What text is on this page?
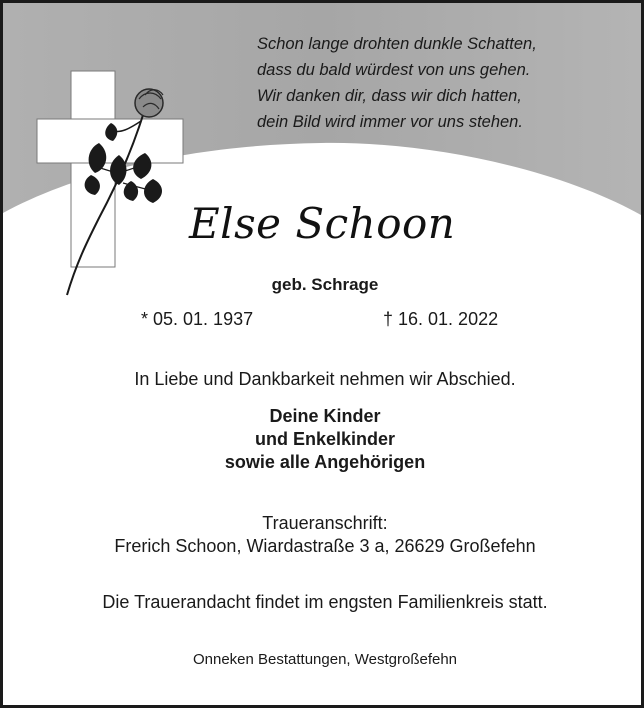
Schon lange drohten dunkle Schatten,
dass du bald würdest von uns gehen.
Wir danken dir, dass wir dich hatten,
dein Bild wird immer vor uns stehen.
Else Schoon
geb. Schrage
* 05. 01. 1937	† 16. 01. 2022
In Liebe und Dankbarkeit nehmen wir Abschied.
Deine Kinder
und Enkelkinder
sowie alle Angehörigen
Traueranschrift:
Frerich Schoon, Wiardastraße 3 a, 26629 Großefehn
Die Trauerandacht findet im engsten Familienkreis statt.
Onneken Bestattungen, Westgroßefehn
